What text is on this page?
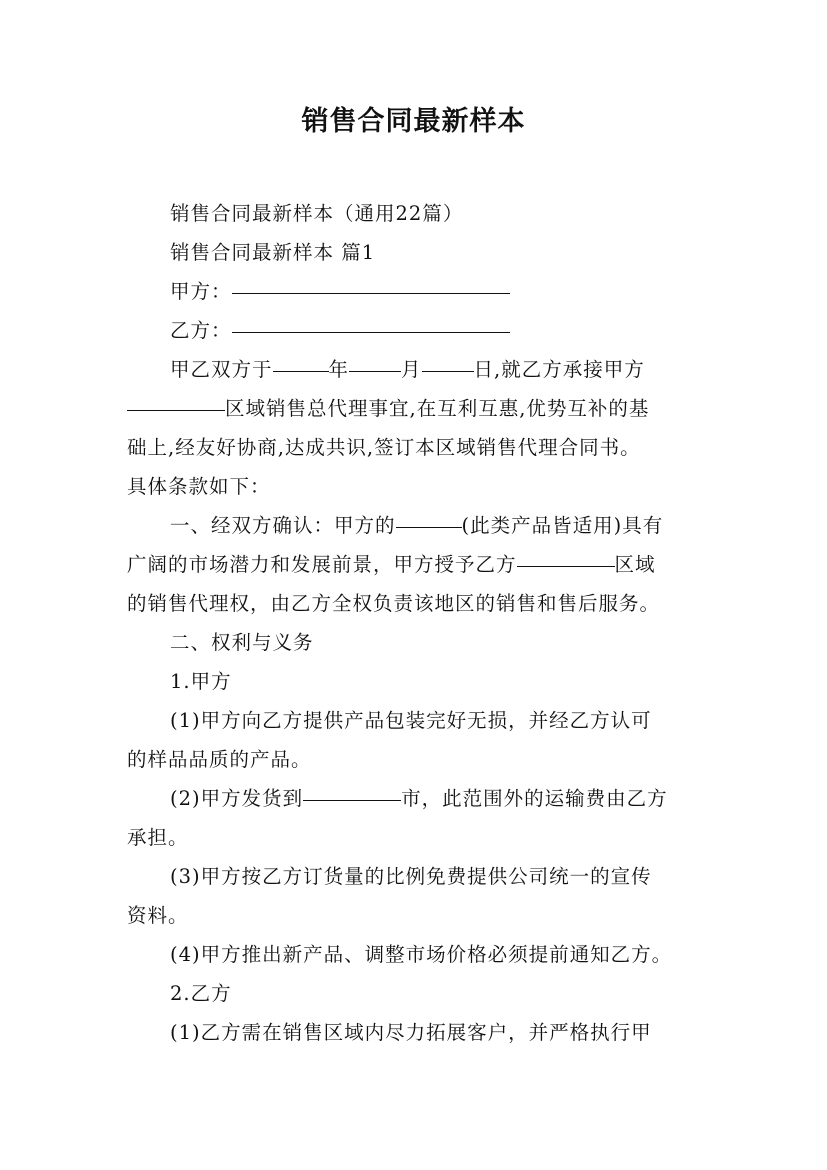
销售合同最新样本

销售合同最新样本（通用22篇）

销售合同最新样本 篇1

甲方：

乙方：

甲乙双方于	年	月	日,就乙方承接甲方

区域销售总代理事宜,在互利互惠,优势互补的基

础上,经友好协商,达成共识,签订本区域销售代理合同书。

具体条款如下：

一、经双方确认：甲方的	(此类产品皆适用)具有

广阔的市场潜力和发展前景，甲方授予乙方	区域

的销售代理权，由乙方全权负责该地区的销售和售后服务。

二、权利与义务

1.甲方

(1)甲方向乙方提供产品包装完好无损，并经乙方认可

的样品品质的产品。

(2)甲方发货到	市，此范围外的运输费由乙方

承担。

(3)甲方按乙方订货量的比例免费提供公司统一的宣传

资料。

(4)甲方推出新产品、调整市场价格必须提前通知乙方。

2.乙方

(1)乙方需在销售区域内尽力拓展客户，并严格执行甲
